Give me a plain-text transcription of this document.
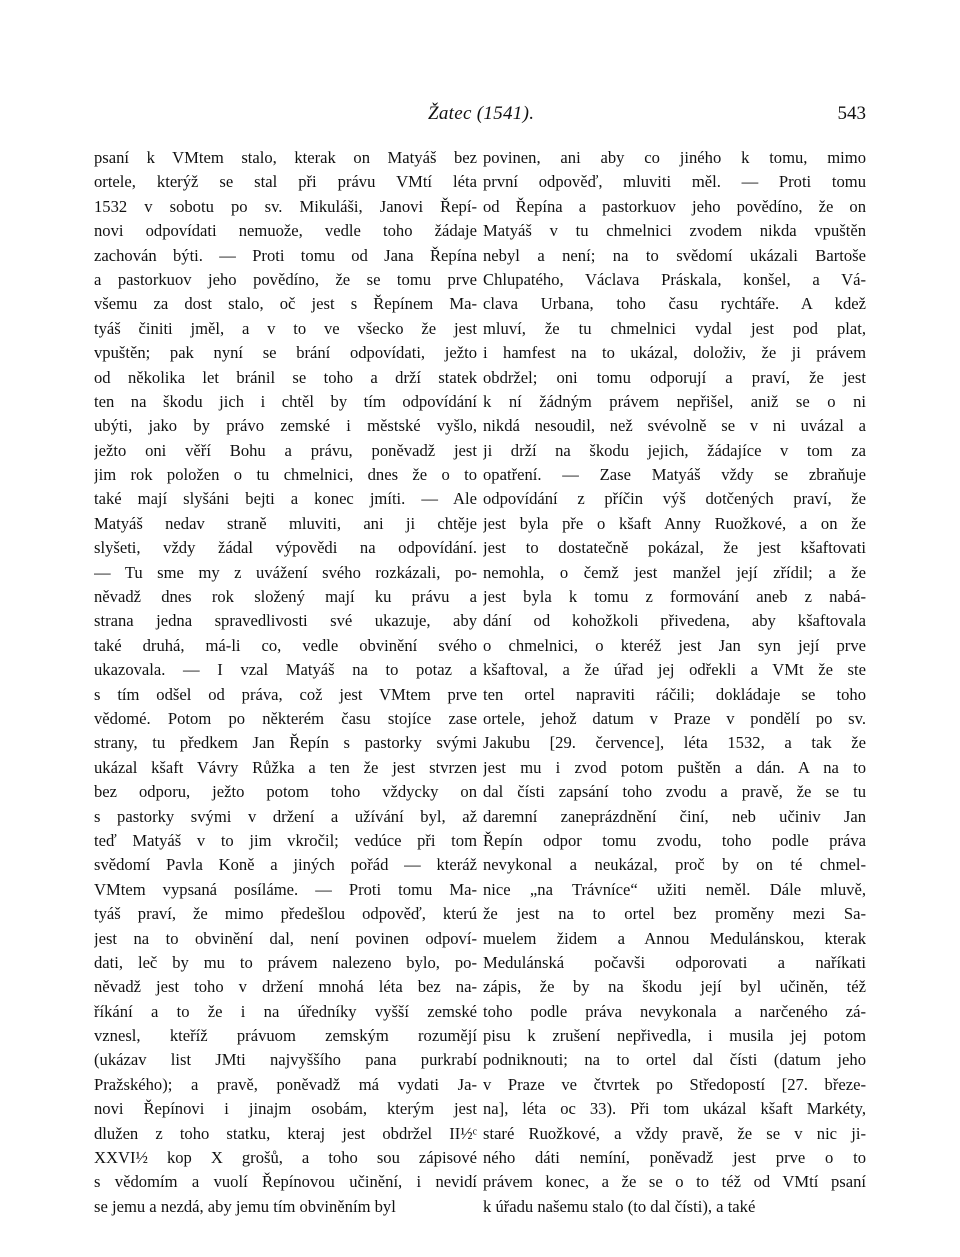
Žatec (1541).	543
psaní k VMtem stalo, kterak on Matyáš bez
ortele, kterýž se stal při právu VMtí léta
1532 v sobotu po sv. Mikuláši, Janovi Řepí-
novi odpovídati nemuože, vedle toho žádaje
zachován býti. — Proti tomu od Jana Řepína
a pastorkuov jeho povědíno, že se tomu prve
všemu za dost stalo, oč jest s Řepínem Ma-
tyáš činiti jměl, a v to ve všecko že jest
vpuštěn; pak nyní se brání odpovídati, ježto
od několika let bránil se toho a drží statek
ten na škodu jich i chtěl by tím odpovídání
ubýti, jako by právo zemské i městské vyšlo,
ježto oni věří Bohu a právu, poněvadž jest
jim rok položen o tu chmelnici, dnes že o to
také mají slyšáni bejti a konec jmíti. — Ale
Matyáš nedav straně mluviti, ani ji chtěje
slyšeti, vždy žádal výpovědi na odpovídání.
— Tu sme my z uvážení svého rozkázali, po-
něvadž dnes rok složený mají ku právu a
strana jedna spravedlivosti své ukazuje, aby
také druhá, má-li co, vedle obvinění svého
ukazovala. — I vzal Matyáš na to potaz a
s tím odšel od práva, což jest VMtem prve
vědomé. Potom po některém času stojíce zase
strany, tu předkem Jan Řepín s pastorky svými
ukázal kšaft Vávry Růžka a ten že jest stvrzen
bez odporu, ježto potom toho vždycky on
s pastorky svými v držení a užívání byl, až
teď Matyáš v to jim vkročil; vedúce při tom
svědomí Pavla Koně a jiných pořád — kteráž
VMtem vypsaná posíláme. — Proti tomu Ma-
tyáš praví, že mimo předešlou odpověď, kterú
jest na to obvinění dal, není povinen odpoví-
dati, leč by mu to právem nalezeno bylo, po-
něvadž jest toho v držení mnohá léta bez na-
říkání a to že i na úředníky vyšší zemské
vznesl, kteříž právuom zemským rozumějí
(ukázav list JMti najvyššího pana purkrabí
Pražského); a pravě, poněvadž má vydati Ja-
novi Řepínovi i jinajm osobám, kterým jest
dlužen z toho statku, kteraj jest obdržel II½ᶜ
XXVI½ kop X grošů, a toho sou zápisové
s vědomím a vuolí Řepínovou učinění, i nevidí
se jemu a nezdá, aby jemu tím obviněním byl
povinen, ani aby co jiného k tomu, mimo
první odpověď, mluviti měl. — Proti tomu
od Řepína a pastorkuov jeho povědíno, že on
Matyáš v tu chmelnici zvodem nikda vpuštěn
nebyl a není; na to svědomí ukázali Bartoše
Chlupatého, Václava Práskala, konšel, a Vá-
clava Urbana, toho času rychtáře. A kdež
mluví, že tu chmelnici vydal jest pod plat,
i hamfest na to ukázal, doloživ, že ji právem
obdržel; oni tomu odporují a praví, že jest
k ní žádným právem nepřišel, aniž se o ni
nikdá nesoudil, než svévolně se v ni uvázal a
ji drží na škodu jejich, žádajíce v tom za
opatření. — Zase Matyáš vždy se zbraňuje
odpovídání z příčin výš dotčených praví, že
jest byla pře o kšaft Anny Ruožkové, a on že
jest to dostatečně pokázal, že jest kšaftovati
nemohla, o čemž jest manžel její zřídil; a že
jest byla k tomu z formování aneb z nabá-
dání od kohožkoli přivedena, aby kšaftovala
o chmelnici, o kteréž jest Jan syn její prve
kšaftoval, a že úřad jej odřekli a VMt že ste
ten ortel napraviti ráčili; dokládaje se toho
ortele, jehož datum v Praze v pondělí po sv.
Jakubu [29. července], léta 1532, a tak že
jest mu i zvod potom puštěn a dán. A na to
dal čísti zapsání toho zvodu a pravě, že se tu
daremní zaneprázdnění činí, neb učiniv Jan
Řepín odpor tomu zvodu, toho podle práva
nevykonal a neukázal, proč by on té chmel-
nice „na Trávníce“ užiti neměl. Dále mluvě,
že jest na to ortel bez proměny mezi Sa-
muelem židem a Annou Medulánskou, kterak
Medulánská počavši odporovati a naříkati
zápis, že by na škodu její byl učiněn, též
toho podle práva nevykonala a narčeného zá-
pisu k zrušení nepřivedla, i musila jej potom
podniknouti; na to ortel dal čísti (datum jeho
v Praze ve čtvrtek po Středopostí [27. březe-
na], léta oc 33). Při tom ukázal kšaft Markéty,
staré Ruožkové, a vždy pravě, že se v nic ji-
ného dáti nemíní, poněvadž jest prve o to
právem konec, a že se o to též od VMtí psaní
k úřadu našemu stalo (to dal čísti), a také
